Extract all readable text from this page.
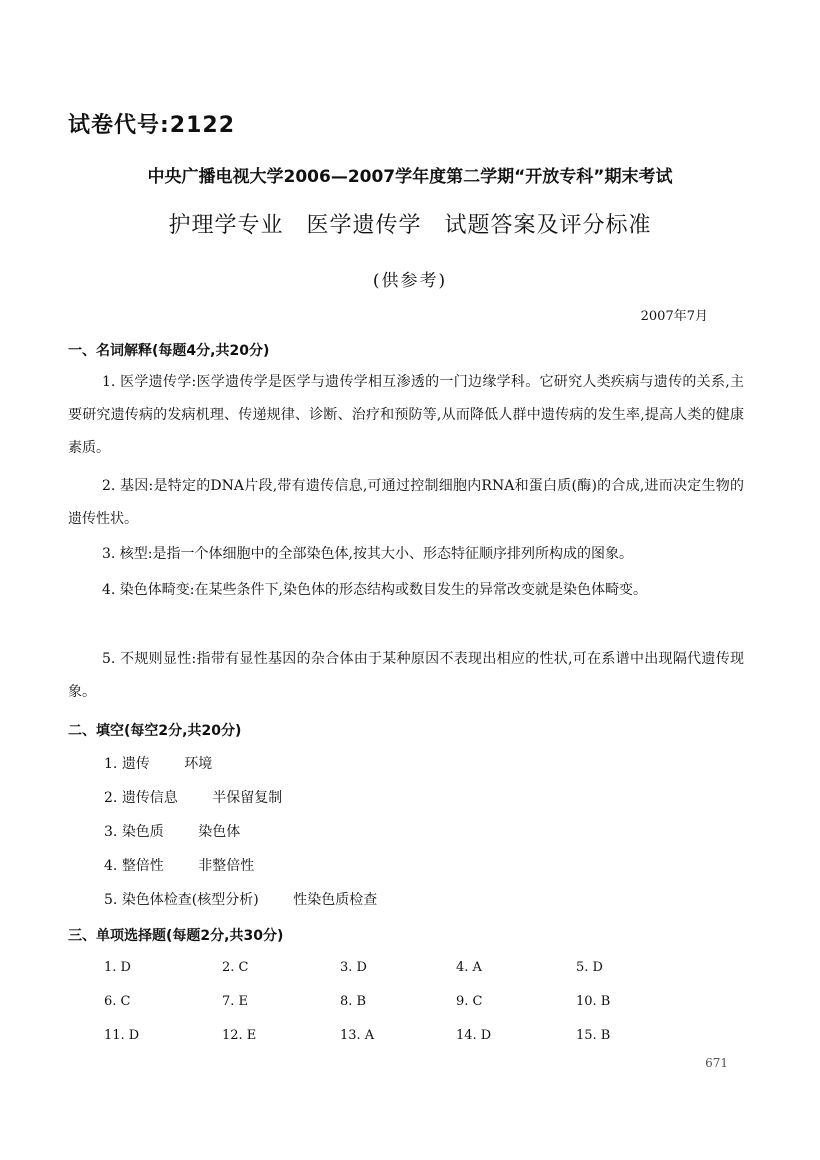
试卷代号:2122
中央广播电视大学2006—2007学年度第二学期“开放专科”期末考试
护理学专业　医学遗传学　试题答案及评分标准
(供参考)
2007年7月
一、名词解释(每题4分,共20分)
1. 医学遗传学:医学遗传学是医学与遗传学相互渗透的一门边缘学科。它研究人类疾病与遗传的关系,主要研究遗传病的发病机理、传递规律、诊断、治疗和预防等,从而降低人群中遗传病的发生率,提高人类的健康素质。
2. 基因:是特定的DNA片段,带有遗传信息,可通过控制细胞内RNA和蛋白质(酶)的合成,进而决定生物的遗传性状。
3. 核型:是指一个体细胞中的全部染色体,按其大小、形态特征顺序排列所构成的图象。
4. 染色体畸变:在某些条件下,染色体的形态结构或数目发生的异常改变就是染色体畸变。
5. 不规则显性:指带有显性基因的杂合体由于某种原因不表现出相应的性状,可在系谱中出现隔代遗传现象。
二、填空(每空2分,共20分)
1. 遗传 环境
2. 遗传信息 半保留复制
3. 染色质 染色体
4. 整倍性 非整倍性
5. 染色体检查(核型分析) 性染色质检查
三、单项选择题(每题2分,共30分)
1. D	2. C	3. D	4. A	5. D
6. C	7. E	8. B	9. C	10. B
11. D	12. E	13. A	14. D	15. B
671
